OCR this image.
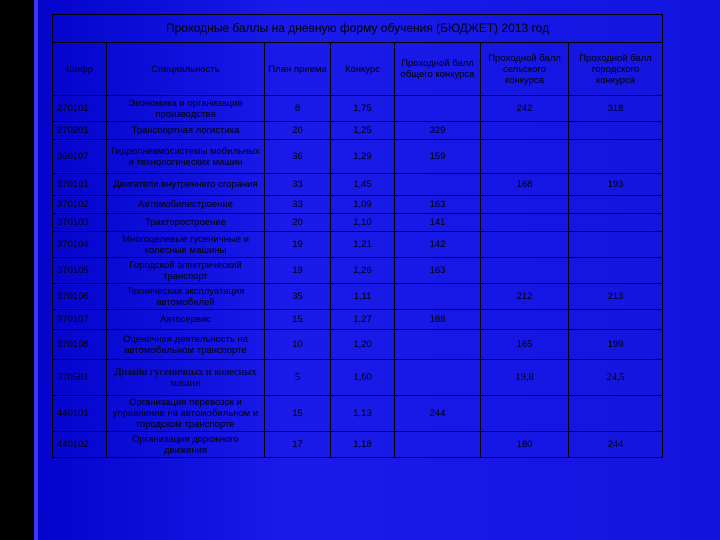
Проходные баллы на дневную форму обучения (БЮДЖЕТ) 2013 год						
Шифр	Специальность	План приема	Конкурс	Проходной балл общего конкурса	Проходной балл сельского конкурса	Проходной балл городского конкурса
270101	Экономика и организация производства	8	1,75		242	318
270201	Транспортная логистика	20	1,25	329		
360107	Гидропневмосистемы мобильных и технологических машин	36	1,29	159		
370101	Двигатели внутреннего сгорания	33	1,45		168	193
370102	Автомобилестроение	33	1,09	163		
370103	Тракторостроение	20	1,10	141		
370104	Многоцелевые гусеничные и колесные машины	19	1,21	142		
370105	Городской электрический транспорт	19	1,26	163		
370106	Техническая эксплуатация автомобилей	35	1,11		212	213
370107	Автосервис	15	1,27	188		
370108	Оценочная деятельность на автомобильном транспорте	10	1,20		165	199
370501	Дизайн гусеничных и колесных машин	5	1,60		19,8	24,5
440101	Организация перевозок и управление на автомобильном и городском транспорте	15	1,13	244		
440102	Организация дорожного движения	17	1,18		180	244
